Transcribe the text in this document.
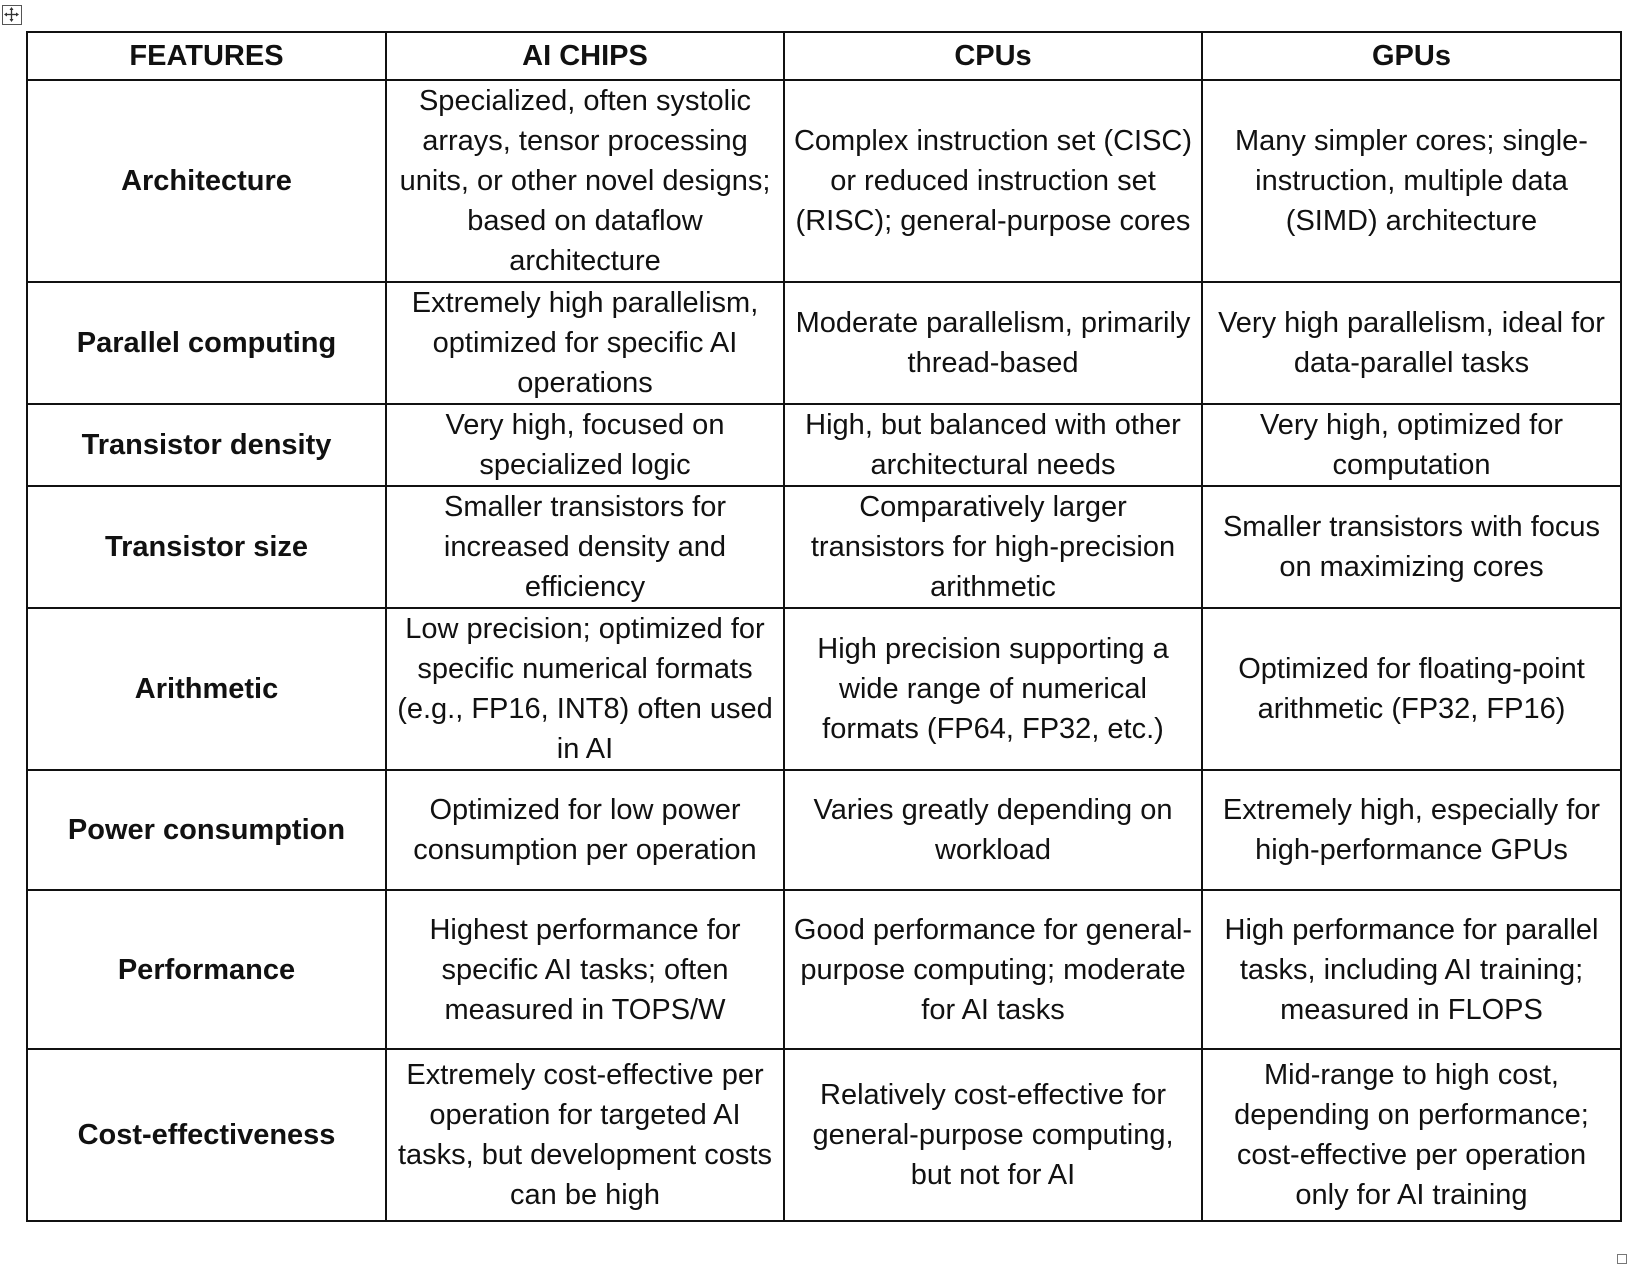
FEATURES	AI CHIPS	CPUs	GPUs
Architecture	Specialized, often systolic arrays, tensor processing units, or other novel designs; based on dataflow architecture	Complex instruction set (CISC) or reduced instruction set (RISC); general-purpose cores	Many simpler cores; single-instruction, multiple data (SIMD) architecture
Parallel computing	Extremely high parallelism, optimized for specific AI operations	Moderate parallelism, primarily thread-based	Very high parallelism, ideal for data-parallel tasks
Transistor density	Very high, focused on specialized logic	High, but balanced with other architectural needs	Very high, optimized for computation
Transistor size	Smaller transistors for increased density and efficiency	Comparatively larger transistors for high-precision arithmetic	Smaller transistors with focus on maximizing cores
Arithmetic	Low precision; optimized for specific numerical formats (e.g., FP16, INT8) often used in AI	High precision supporting a wide range of numerical formats (FP64, FP32, etc.)	Optimized for floating-point arithmetic (FP32, FP16)
Power consumption	Optimized for low power consumption per operation	Varies greatly depending on workload	Extremely high, especially for high-performance GPUs
Performance	Highest performance for specific AI tasks; often measured in TOPS/W	Good performance for general-purpose computing; moderate for AI tasks	High performance for parallel tasks, including AI training; measured in FLOPS
Cost-effectiveness	Extremely cost-effective per operation for targeted AI tasks, but development costs can be high	Relatively cost-effective for general-purpose computing, but not for AI	Mid-range to high cost, depending on performance; cost-effective per operation only for AI training
